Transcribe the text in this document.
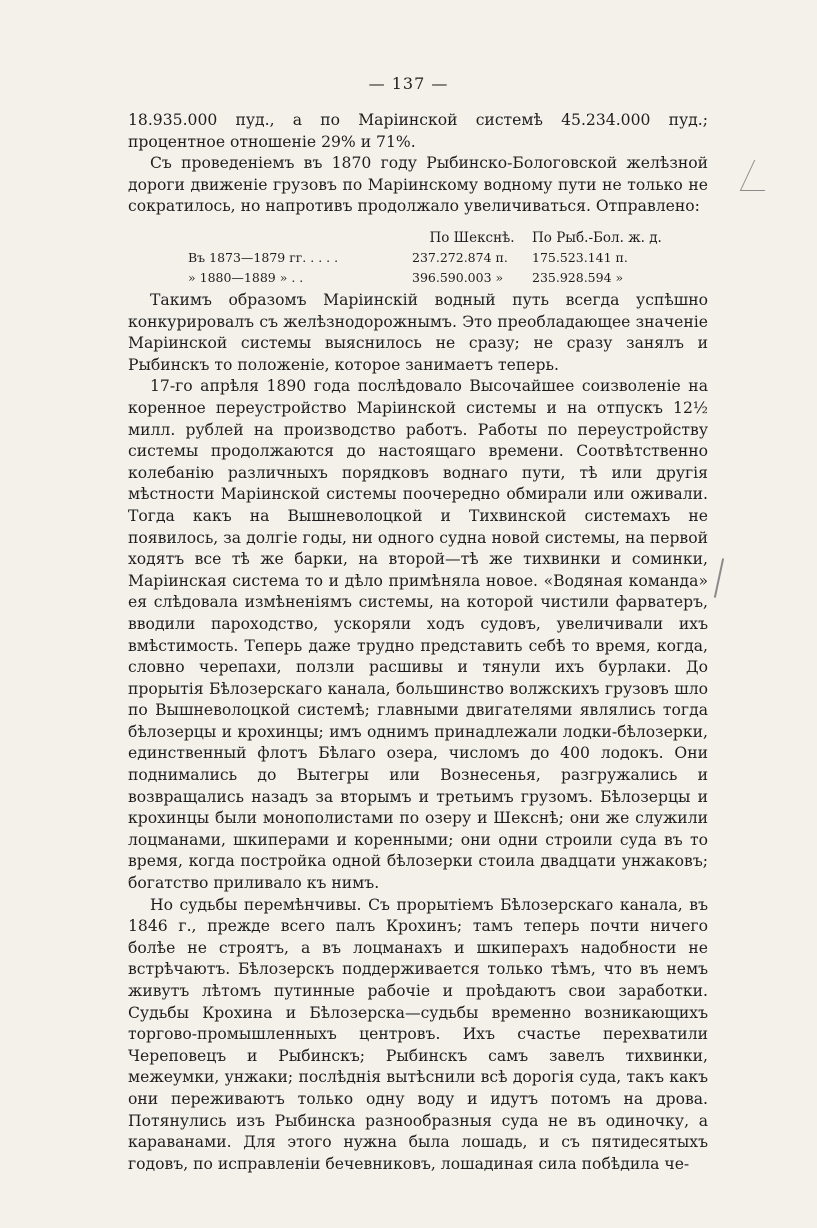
— 137 —

18.935.000 пуд., а по Маріинской системѣ 45.234.000 пуд.; процентное отношеніе 29% и 71%.

Съ проведеніемъ въ 1870 году Рыбинско-Бологовской желѣзной дороги движеніе грузовъ по Маріинскому водному пути не только не сократилось, но напротивъ продолжало увеличиваться. Отправлено:

	По Шекснѣ.	По Рыб.-Бол. ж. д.
Въ 1873—1879 гг. . . . .	237.272.874 п.	175.523.141 п.
» 1880—1889 » . .	396.590.003 »	235.928.594 »

Такимъ образомъ Маріинскій водный путь всегда успѣшно конкурировалъ съ желѣзнодорожнымъ. Это преобладающее значеніе Маріинской системы выяснилось не сразу; не сразу занялъ и Рыбинскъ то положеніе, которое занимаетъ теперь.

17-го апрѣля 1890 года послѣдовало Высочайшее соизволеніе на коренное переустройство Маріинской системы и на отпускъ 12½ милл. рублей на производство работъ. Работы по переустройству системы продолжаются до настоящаго времени. Соотвѣтственно колебанію различныхъ порядковъ воднаго пути, тѣ или другія мѣстности Маріинской системы поочередно обмирали или оживали. Тогда какъ на Вышневолоцкой и Тихвинской системахъ не появилось, за долгіе годы, ни одного судна новой системы, на первой ходятъ все тѣ же барки, на второй—тѣ же тихвинки и соминки, Маріинская система то и дѣло примѣняла новое. «Водяная команда» ея слѣдовала измѣненіямъ системы, на которой чистили фарватеръ, вводили пароходство, ускоряли ходъ судовъ, увеличивали ихъ вмѣстимость. Теперь даже трудно представить себѣ то время, когда, словно черепахи, ползли расшивы и тянули ихъ бурлаки. До прорытія Бѣлозерскаго канала, большинство волжскихъ грузовъ шло по Вышневолоцкой системѣ; главными двигателями являлись тогда бѣлозерцы и крохинцы; имъ однимъ принадлежали лодки-бѣлозерки, единственный флотъ Бѣлаго озера, числомъ до 400 лодокъ. Они поднимались до Вытегры или Вознесенья, разгружались и возвращались назадъ за вторымъ и третьимъ грузомъ. Бѣлозерцы и крохинцы были монополистами по озеру и Шекснѣ; они же служили лоцманами, шкиперами и коренными; они одни строили суда въ то время, когда постройка одной бѣлозерки стоила двадцати унжаковъ; богатство приливало къ нимъ.

Но судьбы перемѣнчивы. Съ прорытіемъ Бѣлозерскаго канала, въ 1846 г., прежде всего палъ Крохинъ; тамъ теперь почти ничего болѣе не строятъ, а въ лоцманахъ и шкиперахъ надобности не встрѣчаютъ. Бѣлозерскъ поддерживается только тѣмъ, что въ немъ живутъ лѣтомъ путинные рабочіе и проѣдаютъ свои заработки. Судьбы Крохина и Бѣлозерска—судьбы временно возникающихъ торгово-промышленныхъ центровъ. Ихъ счастье перехватили Череповецъ и Рыбинскъ; Рыбинскъ самъ завелъ тихвинки, межеумки, унжаки; послѣднія вытѣснили всѣ дорогія суда, такъ какъ они переживаютъ только одну воду и идутъ потомъ на дрова. Потянулись изъ Рыбинска разнообразныя суда не въ одиночку, а караванами. Для этого нужна была лошадь, и съ пятидесятыхъ годовъ, по исправленіи бечевниковъ, лошадиная сила побѣдила че-
